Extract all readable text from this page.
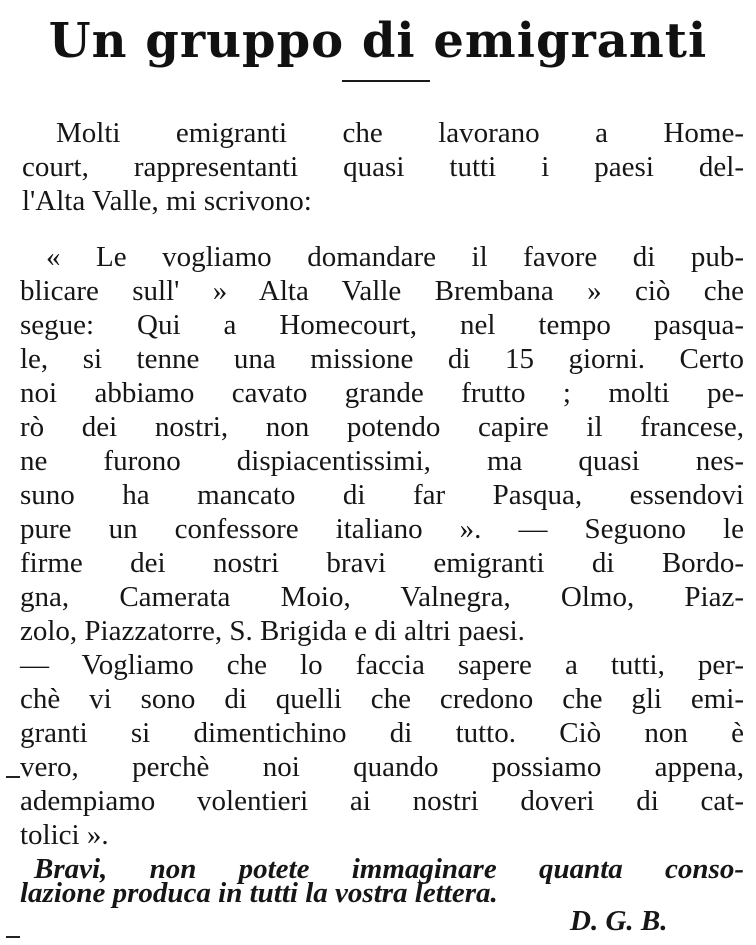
Un gruppo di emigranti

Molti emigranti che lavorano a Home-

court, rappresentanti quasi tutti i paesi del-

l'Alta Valle, mi scrivono:

« Le vogliamo domandare il favore di pub-

blicare sull' » Alta Valle Brembana » ciò che

segue: Qui a Homecourt, nel tempo pasqua-

le, si tenne una missione di 15 giorni. Certo

noi abbiamo cavato grande frutto ; molti pe-

rò dei nostri, non potendo capire il francese,

ne furono dispiacentissimi, ma quasi nes-

suno ha mancato di far Pasqua, essendovi

pure un confessore italiano ». — Seguono le

firme dei nostri bravi emigranti di Bordo-

gna, Camerata Moio, Valnegra, Olmo, Piaz-

zolo, Piazzatorre, S. Brigida e di altri paesi.

— Vogliamo che lo faccia sapere a tutti, per-

chè vi sono di quelli che credono che gli emi-

granti si dimentichino di tutto. Ciò non è

vero, perchè noi quando possiamo appena,

adempiamo volentieri ai nostri doveri di cat-

tolici ».

Bravi, non potete immaginare quanta conso-

lazione produca in tutti la vostra lettera.

D. G. B.
